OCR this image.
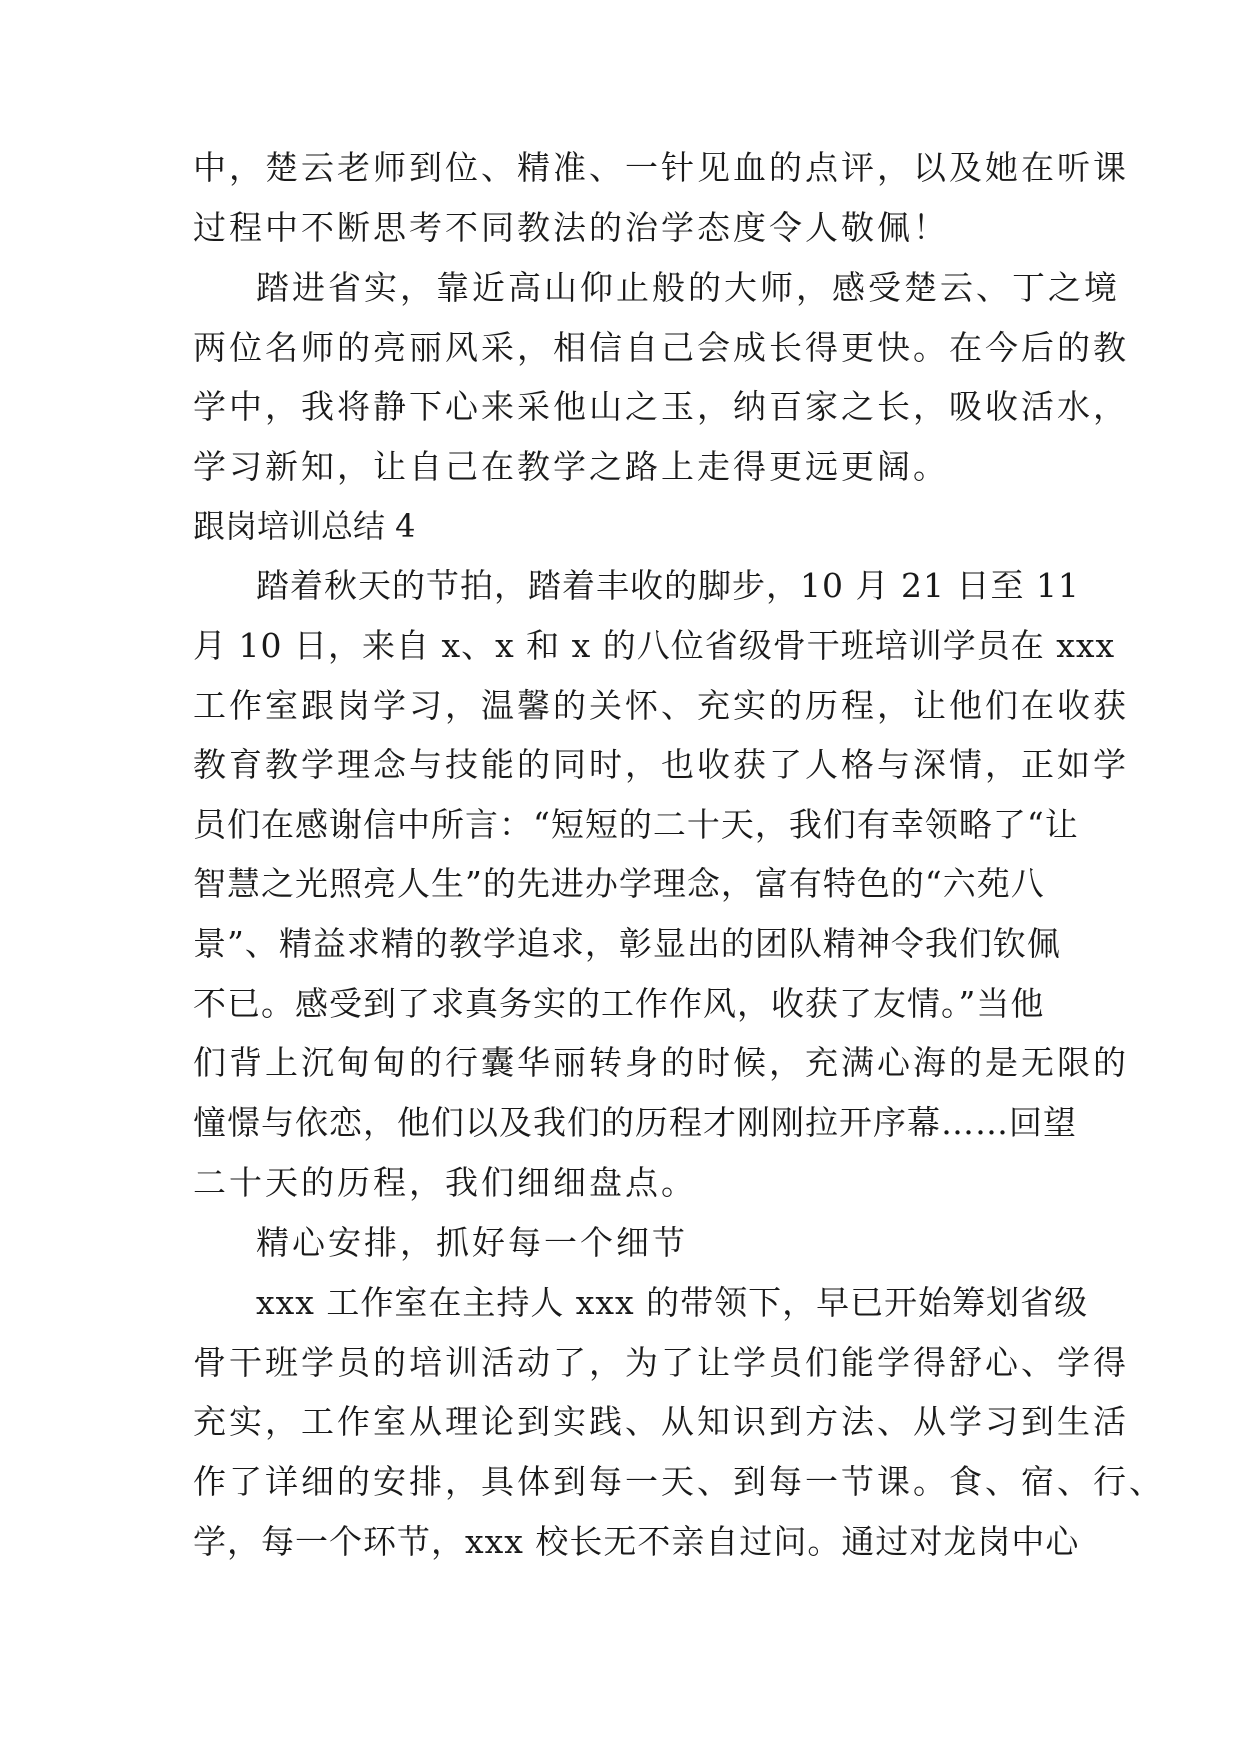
中，楚云老师到位、精准、一针见血的点评，以及她在听课
过程中不断思考不同教法的治学态度令人敬佩！
踏进省实，靠近高山仰止般的大师，感受楚云、丁之境
两位名师的亮丽风采，相信自己会成长得更快。在今后的教
学中，我将静下心来采他山之玉，纳百家之长，吸收活水，
学习新知，让自己在教学之路上走得更远更阔。
跟岗培训总结 4
踏着秋天的节拍，踏着丰收的脚步，10 月 21 日至 11
月 10 日，来自 x、x 和 x 的八位省级骨干班培训学员在 xxx
工作室跟岗学习，温馨的关怀、充实的历程，让他们在收获
教育教学理念与技能的同时，也收获了人格与深情，正如学
员们在感谢信中所言：“短短的二十天，我们有幸领略了“让
智慧之光照亮人生”的先进办学理念，富有特色的“六苑八
景”、精益求精的教学追求，彰显出的团队精神令我们钦佩
不已。感受到了求真务实的工作作风，收获了友情。”当他
们背上沉甸甸的行囊华丽转身的时候，充满心海的是无限的
憧憬与依恋，他们以及我们的历程才刚刚拉开序幕……回望
二十天的历程，我们细细盘点。
精心安排，抓好每一个细节
xxx 工作室在主持人 xxx 的带领下，早已开始筹划省级
骨干班学员的培训活动了，为了让学员们能学得舒心、学得
充实，工作室从理论到实践、从知识到方法、从学习到生活
作了详细的安排，具体到每一天、到每一节课。食、宿、行、
学，每一个环节，xxx 校长无不亲自过问。通过对龙岗中心
